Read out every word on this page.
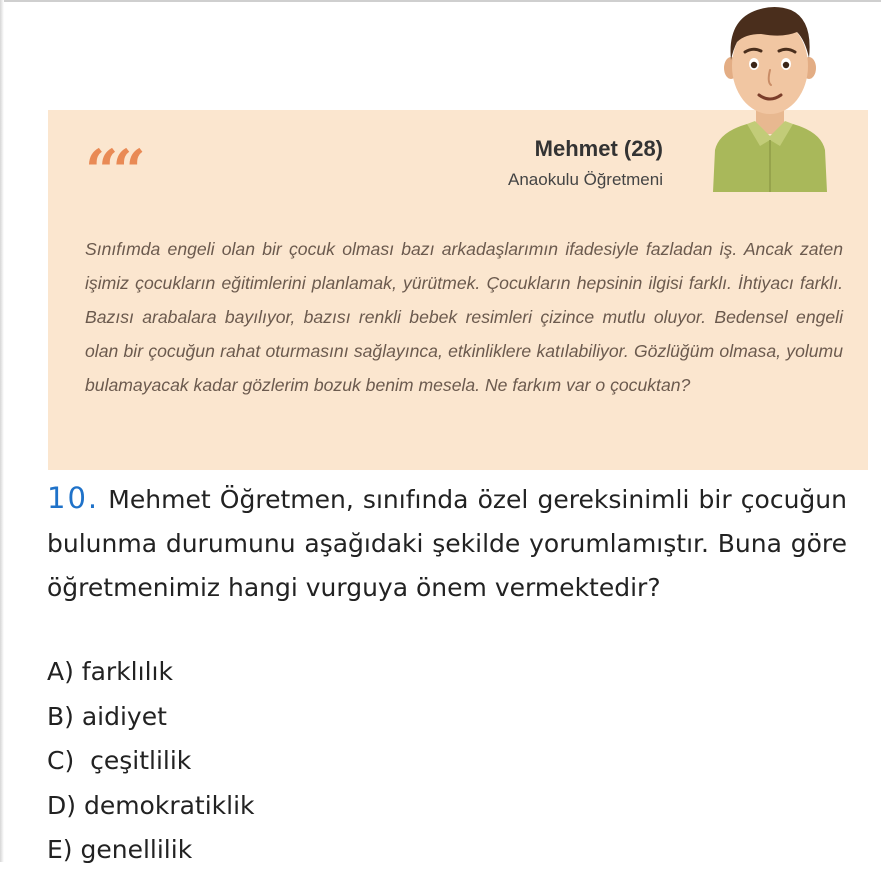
““	Mehmet (28)
Anaokulu Öğretmeni

Sınıfımda engeli olan bir çocuk olması bazı arkadaşlarımın ifadesiyle fazladan iş. Ancak zaten işimiz çocukların eğitimlerini planlamak, yürütmek. Çocukların hepsinin ilgisi farklı. İhtiyacı farklı. Bazısı arabalara bayılıyor, bazısı renkli bebek resimleri çizince mutlu oluyor. Bedensel engeli olan bir çocuğun rahat oturmasını sağlayınca, etkinliklere katılabiliyor. Gözlüğüm olmasa, yolumu bulamayacak kadar gözlerim bozuk benim mesela. Ne farkım var o çocuktan?

10. Mehmet Öğretmen, sınıfında özel gereksinimli bir çocuğun bulunma durumunu aşağıdaki şekilde yorumlamıştır. Buna göre öğretmenimiz hangi vurguya önem vermektedir?

A) farklılık
B) aidiyet
C)  çeşitlilik
D) demokratiklik
E) genellilik
